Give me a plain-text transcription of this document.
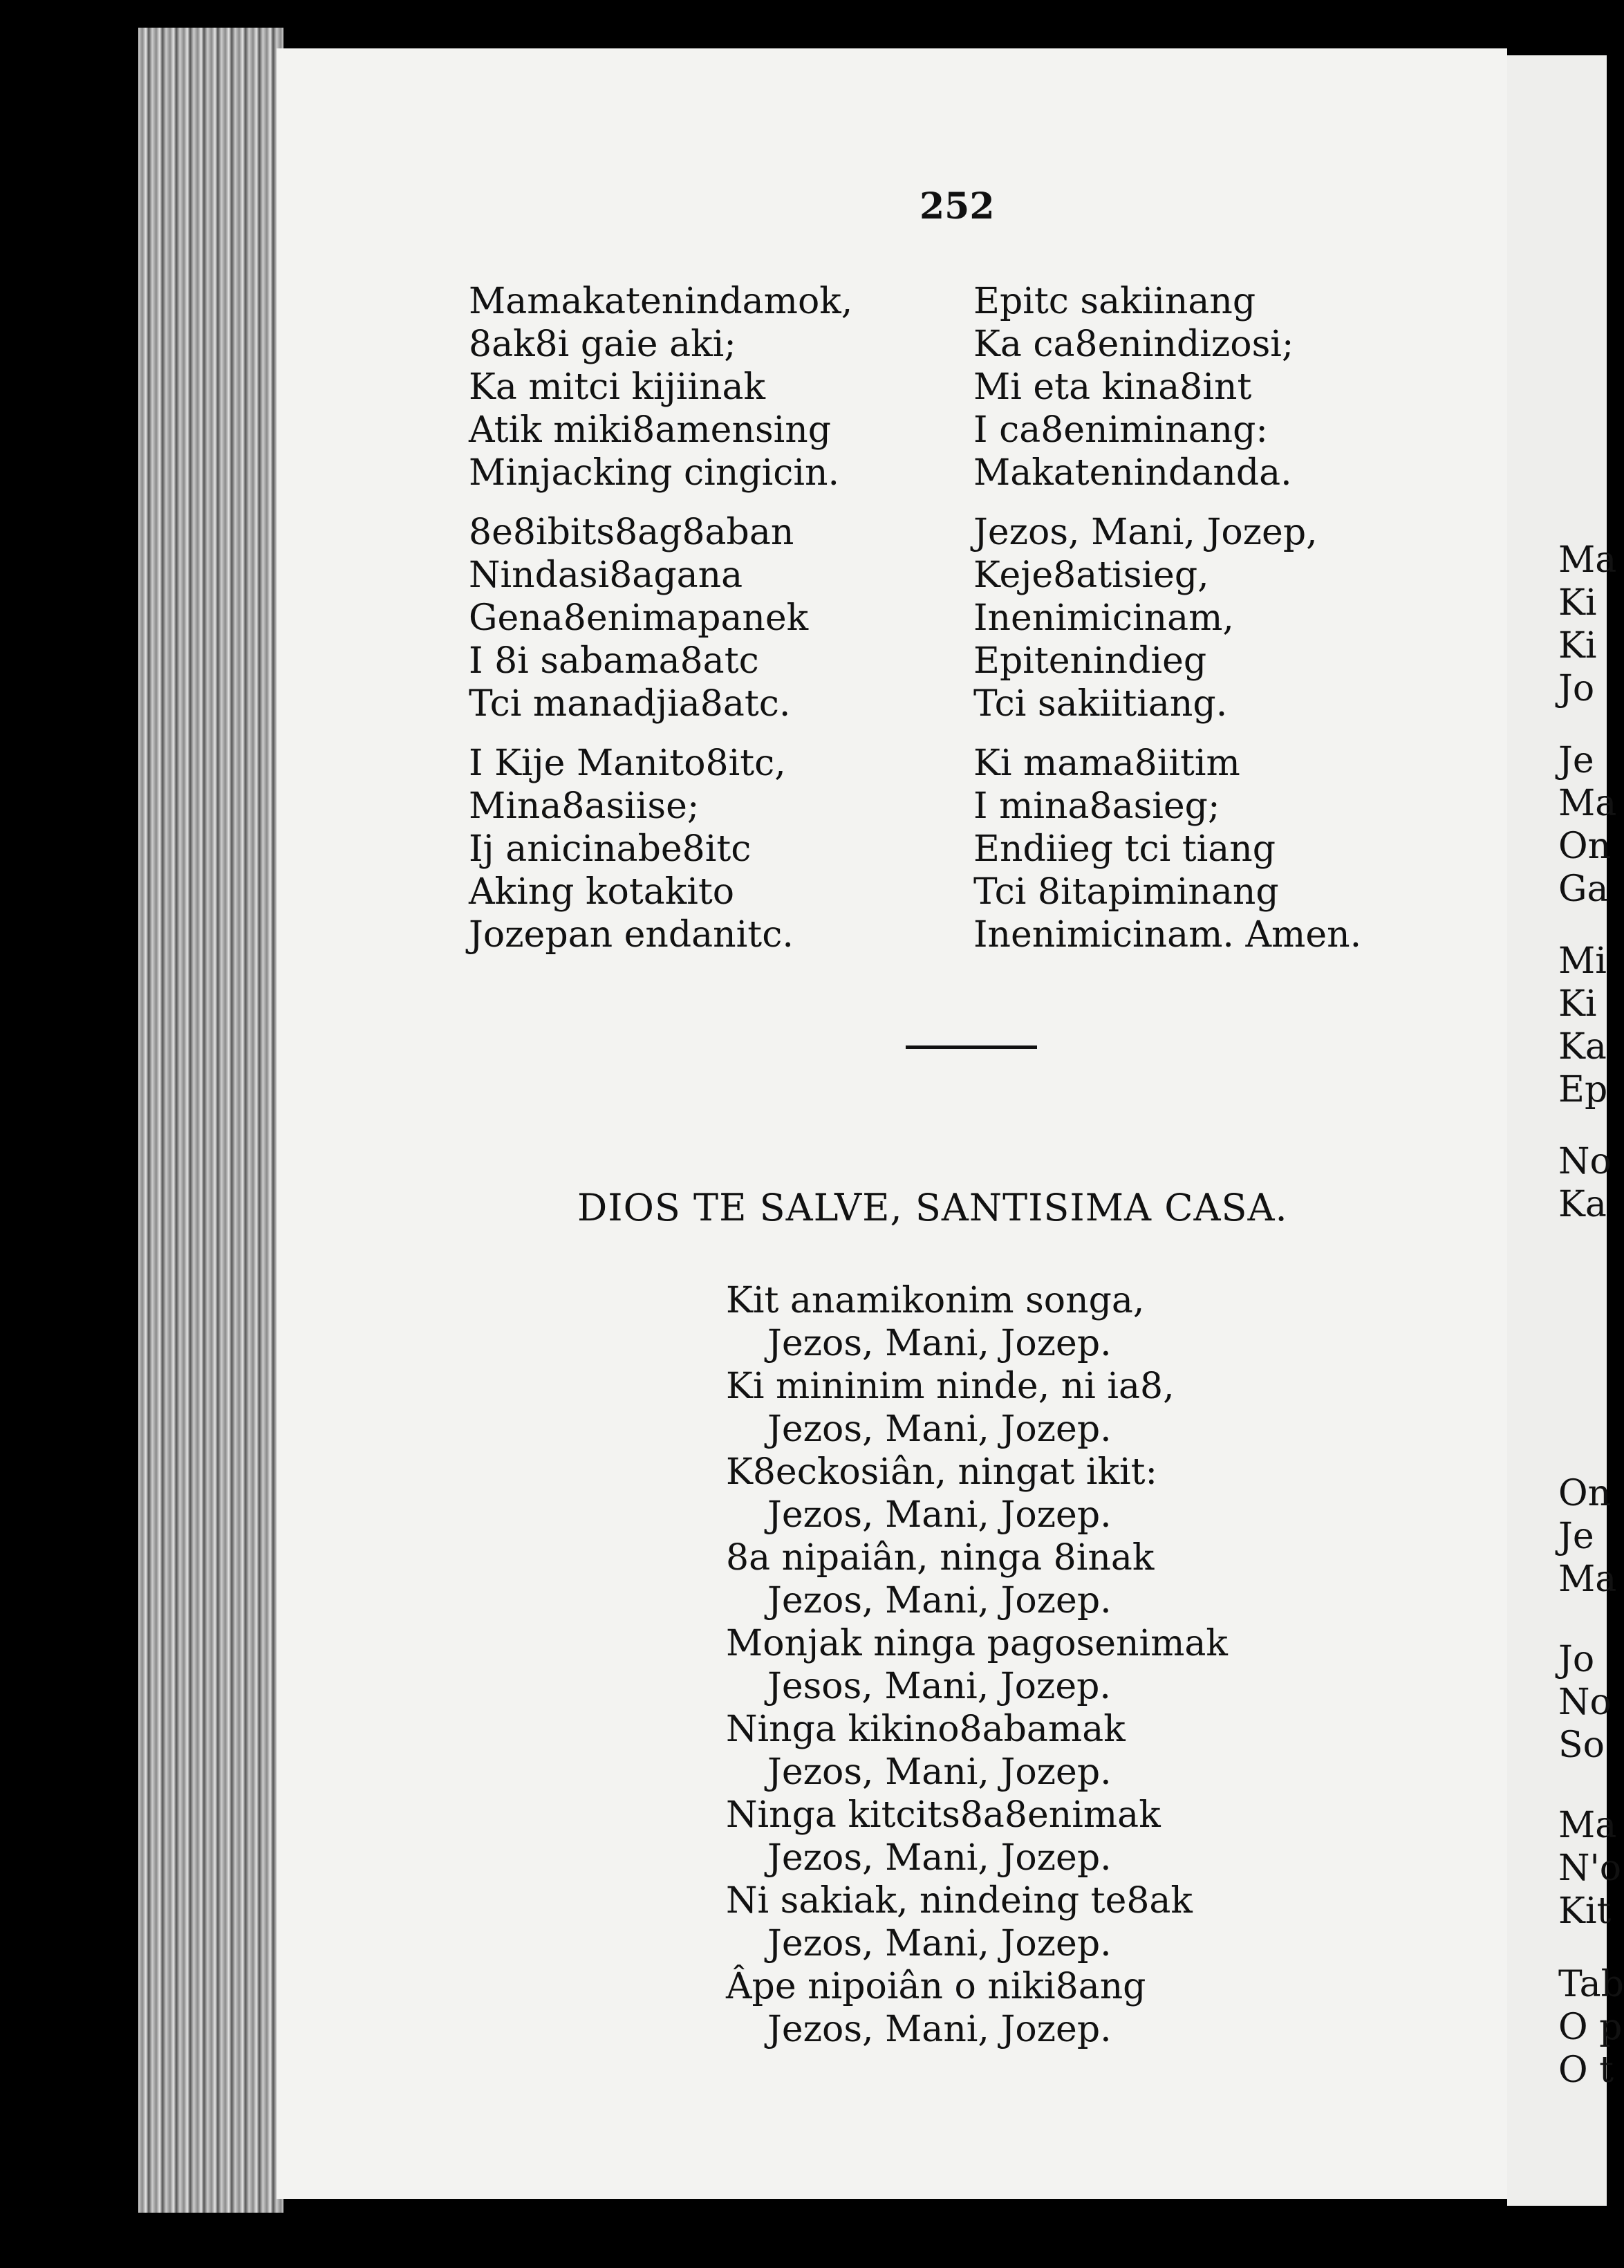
Ma
Ki
Ki
Jo
Je
Ma
On
Ga
Mi
Ki
Ka
Ep
No
Ka
On
Je
Ma
Jo
No
So
Ma
N'o
Kit
Tab
O p
O t
252
Mamakatenindamok,
8ak8i gaie aki;
Ka mitci kijiinak
Atik miki8amensing
Minjacking cingicin.
8e8ibits8ag8aban
Nindasi8agana
Gena8enimapanek
I 8i sabama8atc
Tci manadjia8atc.
I Kije Manito8itc,
Mina8asiise;
Ij anicinabe8itc
Aking kotakito
Jozepan endanitc.
Epitc sakiinang
Ka ca8enindizosi;
Mi eta kina8int
I ca8eniminang:
Makatenindanda.
Jezos, Mani, Jozep,
Keje8atisieg,
Inenimicinam,
Epitenindieg
Tci sakiitiang.
Ki mama8iitim
I mina8asieg;
Endiieg tci tiang
Tci 8itapiminang
Inenimicinam. Amen.
DIOS TE SALVE, SANTISIMA CASA.
Kit anamikonim songa,
Jezos, Mani, Jozep.
Ki mininim ninde, ni ia8,
Jezos, Mani, Jozep.
K8eckosiân, ningat ikit:
Jezos, Mani, Jozep.
8a nipaiân, ninga 8inak
Jezos, Mani, Jozep.
Monjak ninga pagosenimak
Jesos, Mani, Jozep.
Ninga kikino8abamak
Jezos, Mani, Jozep.
Ninga kitcits8a8enimak
Jezos, Mani, Jozep.
Ni sakiak, nindeing te8ak
Jezos, Mani, Jozep.
Âpe nipoiân o niki8ang
Jezos, Mani, Jozep.
